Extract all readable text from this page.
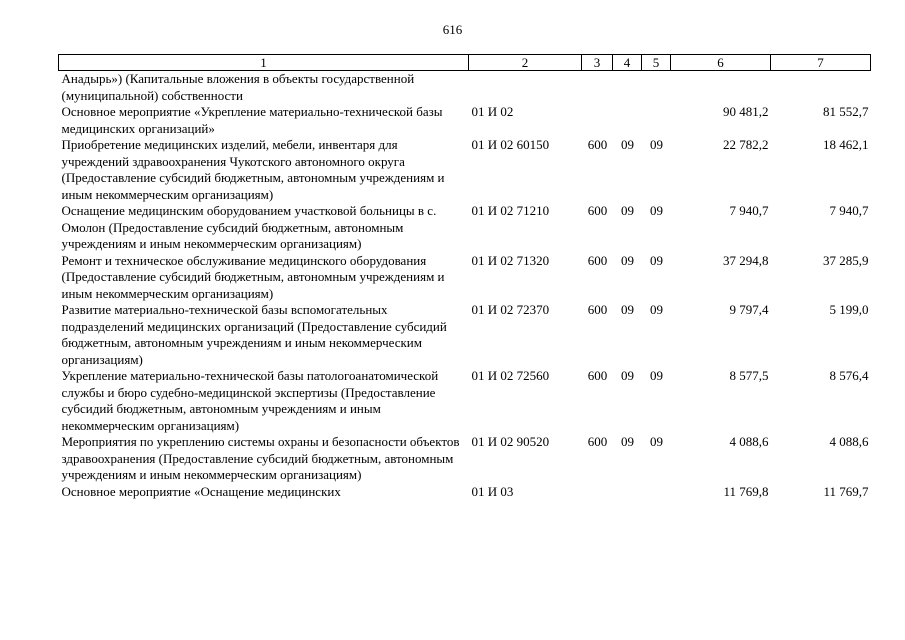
616
1	2	3	4	5	6	7
Анадырь») (Капитальные вложения в объекты государственной (муниципальной) собственности						
Основное мероприятие «Укрепление материально-технической базы медицинских организаций»	01 И 02				90 481,2	81 552,7
Приобретение медицинских изделий, мебели, инвентаря для учреждений здравоохранения Чукотского автономного округа (Предоставление субсидий бюджетным, автономным учреждениям и иным некоммерческим организациям)	01 И 02 60150	600	09	09	22 782,2	18 462,1
Оснащение медицинским оборудованием участковой больницы в с. Омолон (Предоставление субсидий бюджетным, автономным учреждениям и иным некоммерческим организациям)	01 И 02 71210	600	09	09	7 940,7	7 940,7
Ремонт и техническое обслуживание медицинского оборудования (Предоставление субсидий бюджетным, автономным учреждениям и иным некоммерческим организациям)	01 И 02 71320	600	09	09	37 294,8	37 285,9
Развитие материально-технической базы вспомогательных подразделений медицинских организаций (Предоставление субсидий бюджетным, автономным учреждениям и иным некоммерческим организациям)	01 И 02 72370	600	09	09	9 797,4	5 199,0
Укрепление материально-технической базы патологоанатомической службы и бюро судебно-медицинской экспертизы (Предоставление субсидий бюджетным, автономным учреждениям и иным некоммерческим организациям)	01 И 02 72560	600	09	09	8 577,5	8 576,4
Мероприятия по укреплению системы охраны и безопасности объектов здравоохранения (Предоставление субсидий бюджетным, автономным учреждениям и иным некоммерческим организациям)	01 И 02 90520	600	09	09	4 088,6	4 088,6
Основное мероприятие «Оснащение медицинских	01 И 03				11 769,8	11 769,7
